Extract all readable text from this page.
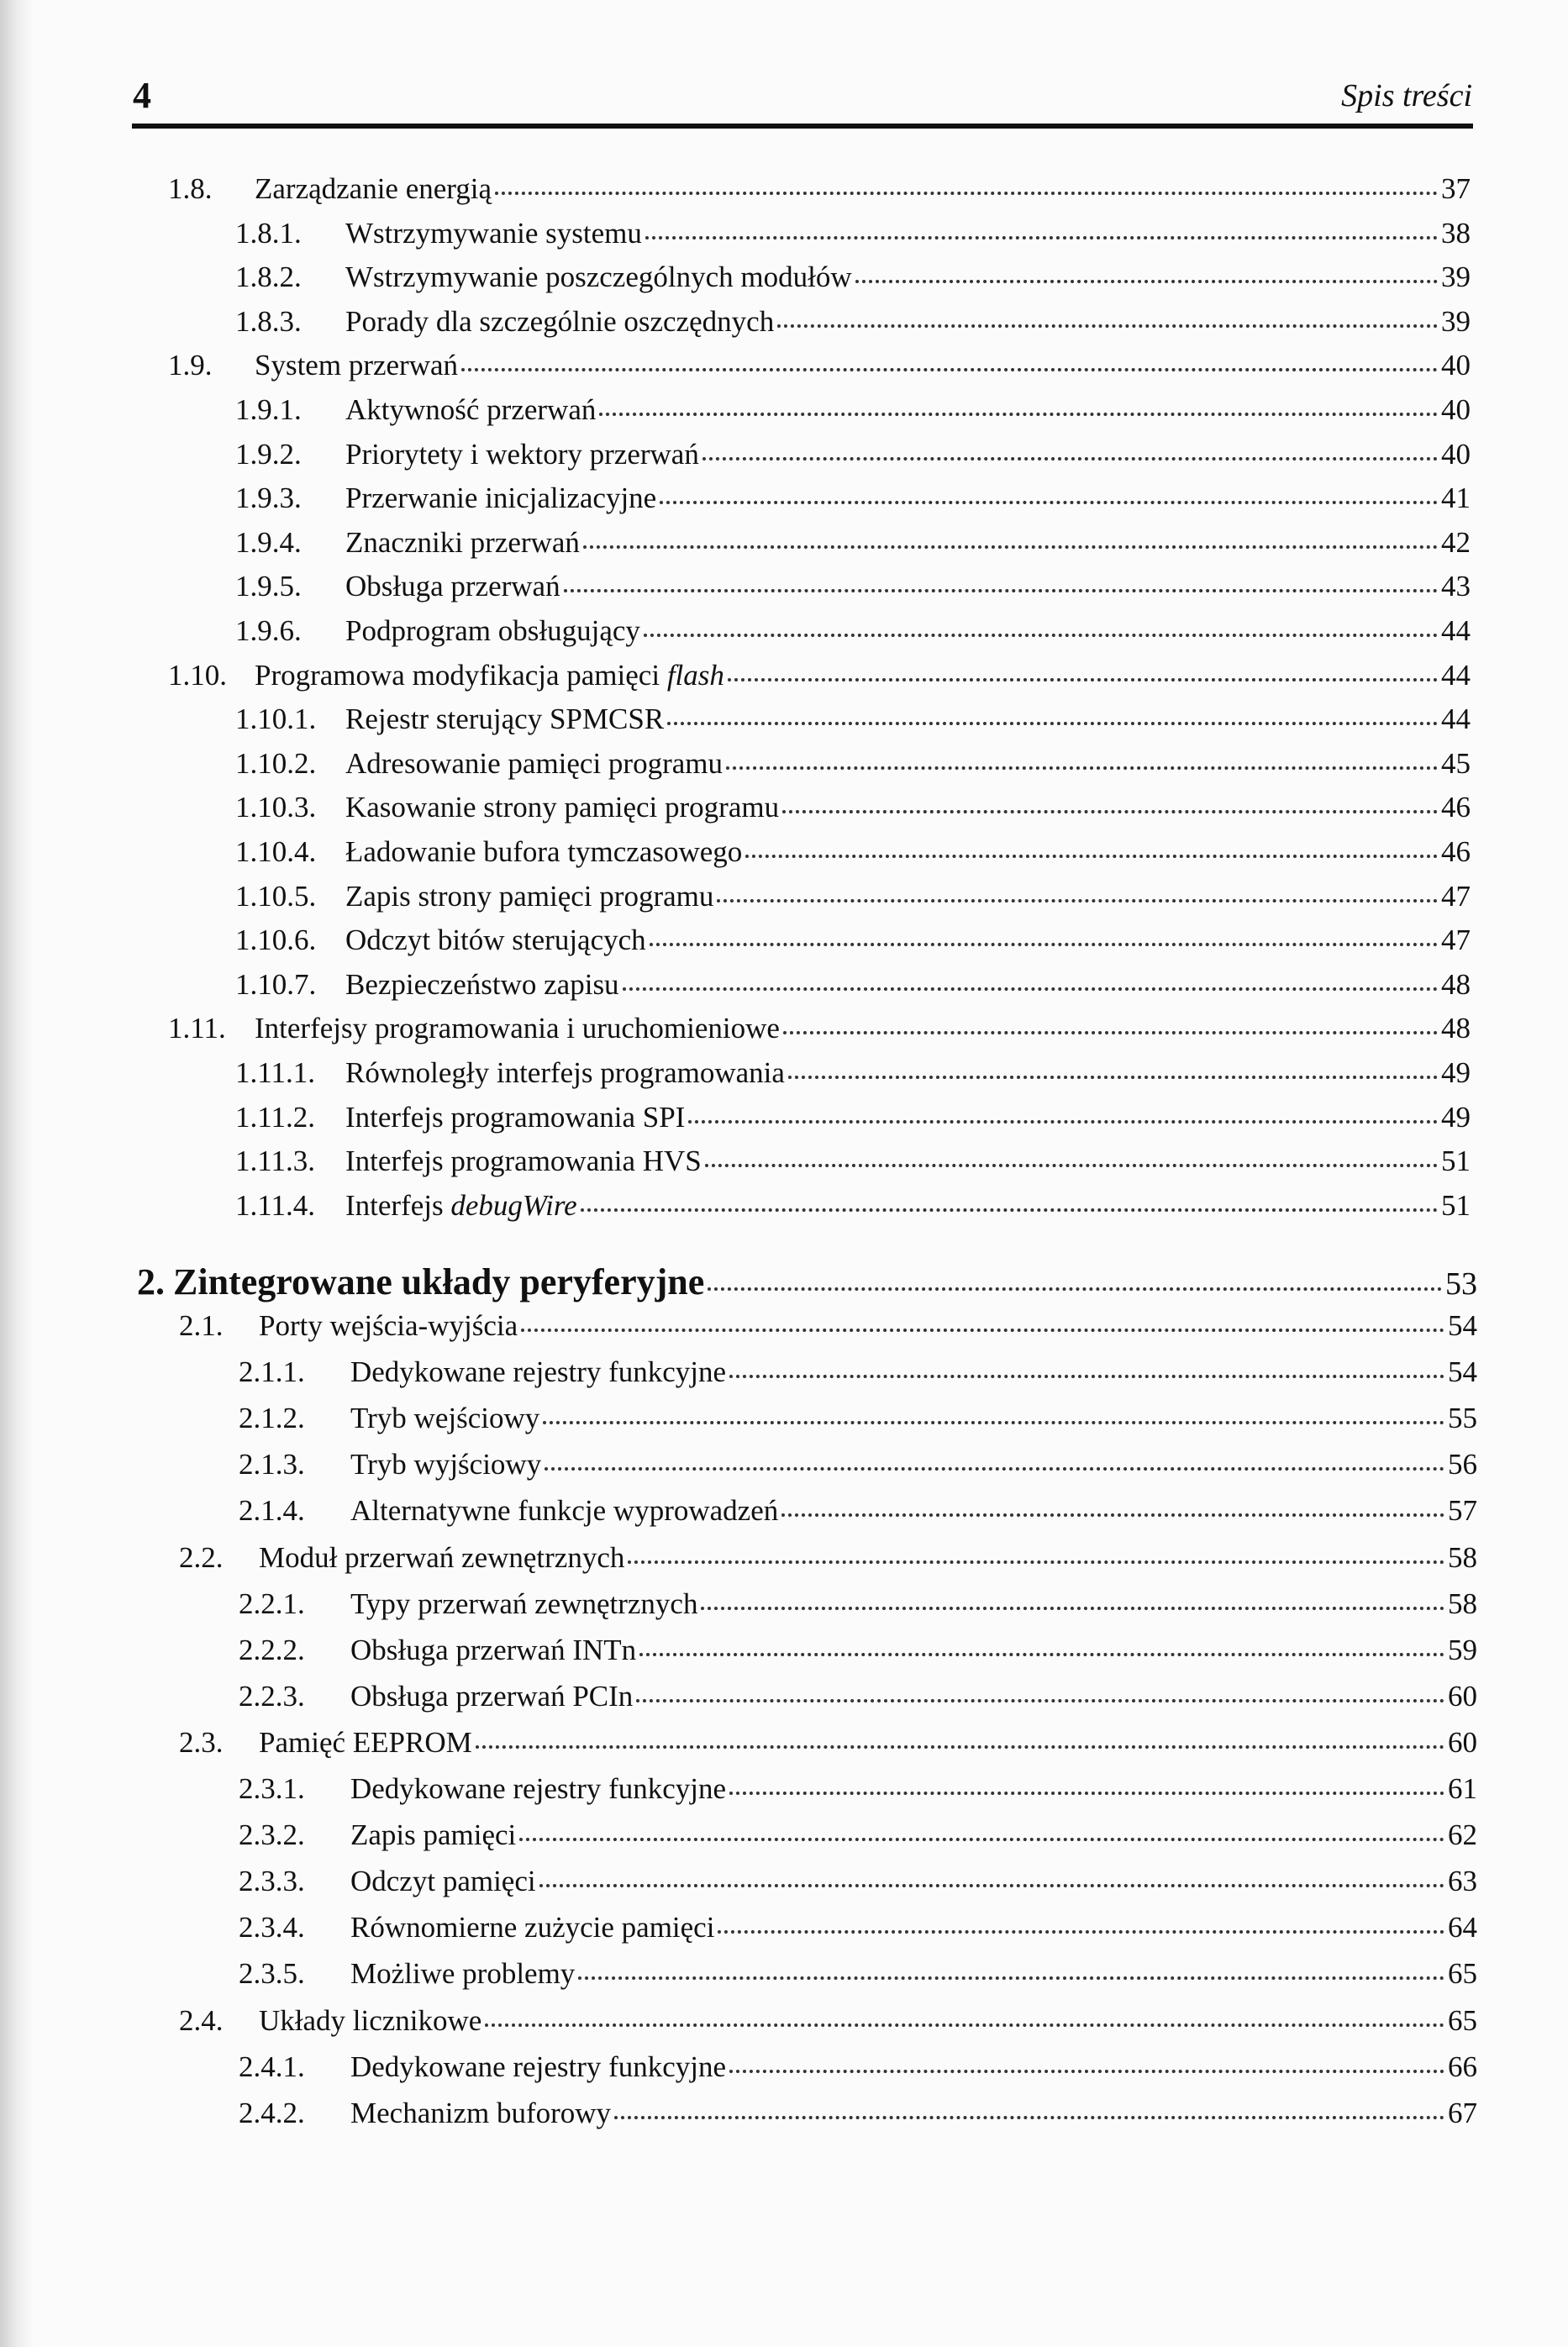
4	Spis treści
1.8.	Zarządzanie energią	37
1.8.1.	Wstrzymywanie systemu	38
1.8.2.	Wstrzymywanie poszczególnych modułów	39
1.8.3.	Porady dla szczególnie oszczędnych	39
1.9.	System przerwań	40
1.9.1.	Aktywność przerwań	40
1.9.2.	Priorytety i wektory przerwań	40
1.9.3.	Przerwanie inicjalizacyjne	41
1.9.4.	Znaczniki przerwań	42
1.9.5.	Obsługa przerwań	43
1.9.6.	Podprogram obsługujący	44
1.10. Programowa modyfikacja pamięci flash	44
1.10.1. Rejestr sterujący SPMCSR	44
1.10.2. Adresowanie pamięci programu	45
1.10.3. Kasowanie strony pamięci programu	46
1.10.4. Ładowanie bufora tymczasowego	46
1.10.5. Zapis strony pamięci programu	47
1.10.6. Odczyt bitów sterujących	47
1.10.7. Bezpieczeństwo zapisu	48
1.11. Interfejsy programowania i uruchomieniowe	48
1.11.1.	Równoległy interfejs programowania	49
1.11.2.	Interfejs programowania SPI	49
1.11.3.	Interfejs programowania HVS	51
1.11.4.	Interfejs debugWire	51
2. Zintegrowane układy peryferyjne	53
2.1.	Porty wejścia-wyjścia	54
2.1.1.	Dedykowane rejestry funkcyjne	54
2.1.2.	Tryb wejściowy	55
2.1.3.	Tryb wyjściowy	56
2.1.4.	Alternatywne funkcje wyprowadzeń	57
2.2.	Moduł przerwań zewnętrznych	58
2.2.1.	Typy przerwań zewnętrznych	58
2.2.2.	Obsługa przerwań INTn	59
2.2.3.	Obsługa przerwań PCIn	60
2.3.	Pamięć EEPROM	60
2.3.1.	Dedykowane rejestry funkcyjne	61
2.3.2.	Zapis pamięci	62
2.3.3.	Odczyt pamięci	63
2.3.4.	Równomierne zużycie pamięci	64
2.3.5.	Możliwe problemy	65
2.4.	Układy licznikowe	65
2.4.1.	Dedykowane rejestry funkcyjne	66
2.4.2.	Mechanizm buforowy	67
